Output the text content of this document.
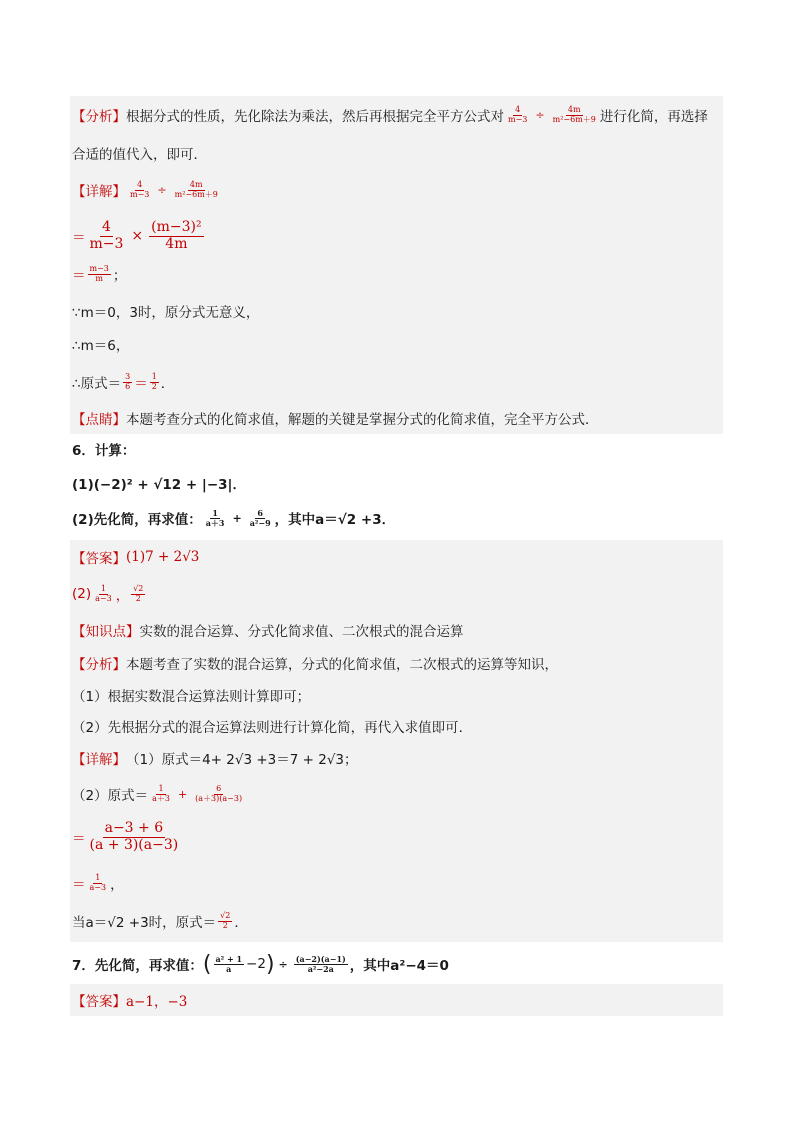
【分析】 根据分式的性质，先化除法为乘法，然后再根据完全平方公式对 $\frac{4}{m-3} \div \frac{4m}{\text{m²−6m＋9}}$ 进行化简，再选择
合适的值代入，即可．
【详解】 $\frac{4}{m-3} \div \frac{4m}{\text{m²−6m＋9}}$
＝ $\frac{4}{m-3} \times \frac{\text{(m−3)²}}{4m}$
＝ $\frac{m-3}{m}$ ；
∵m＝0，3时，原分式无意义，
∴m＝6，
∴原式＝ $\frac{3}{6} = \frac{1}{2}$ ．
【点睛】 本题考查分式的化简求值，解题的关键是掌握分式的化简求值，完全平方公式．
6．计算：
(1)(−2)² + √12 + |−3|．
(2)先化简，再求值： $\frac{1}{a+3} + \frac{6}{\text{a²−9}}$ ，其中a＝√2 +3．
【答案】 (1)7 + 2√3
$(2) \frac{1}{a-3}$ ， $\frac{√2}{2}$
【知识点】 实数的混合运算、分式化简求值、二次根式的混合运算
【分析】 本题考查了实数的混合运算，分式的化简求值，二次根式的运算等知识，
（1）根据实数混合运算法则计算即可；
（2）先根据分式的混合运算法则进行计算化简，再代入求值即可．
【详解】 （1）原式＝4+ 2√3 +3＝7 + 2√3；
（2）原式＝ $\frac{1}{a+3} + \frac{6}{(a+3)(a-3)}$
＝ $\frac{a-3 + 6}{(a + 3)(a-3)}$
＝ $\frac{1}{a-3}$ ，
当 a＝√2 +3时，原式＝ $\frac{√2}{2}$ ．
7．先化简，再求值： ( $\frac{\text{a² + 1}}{a} -2$ ) ÷ $\frac{(a-2)(a-1)}{\text{a²−2a}}$ ，其中a²−4＝0
【答案】 a−1，−3
